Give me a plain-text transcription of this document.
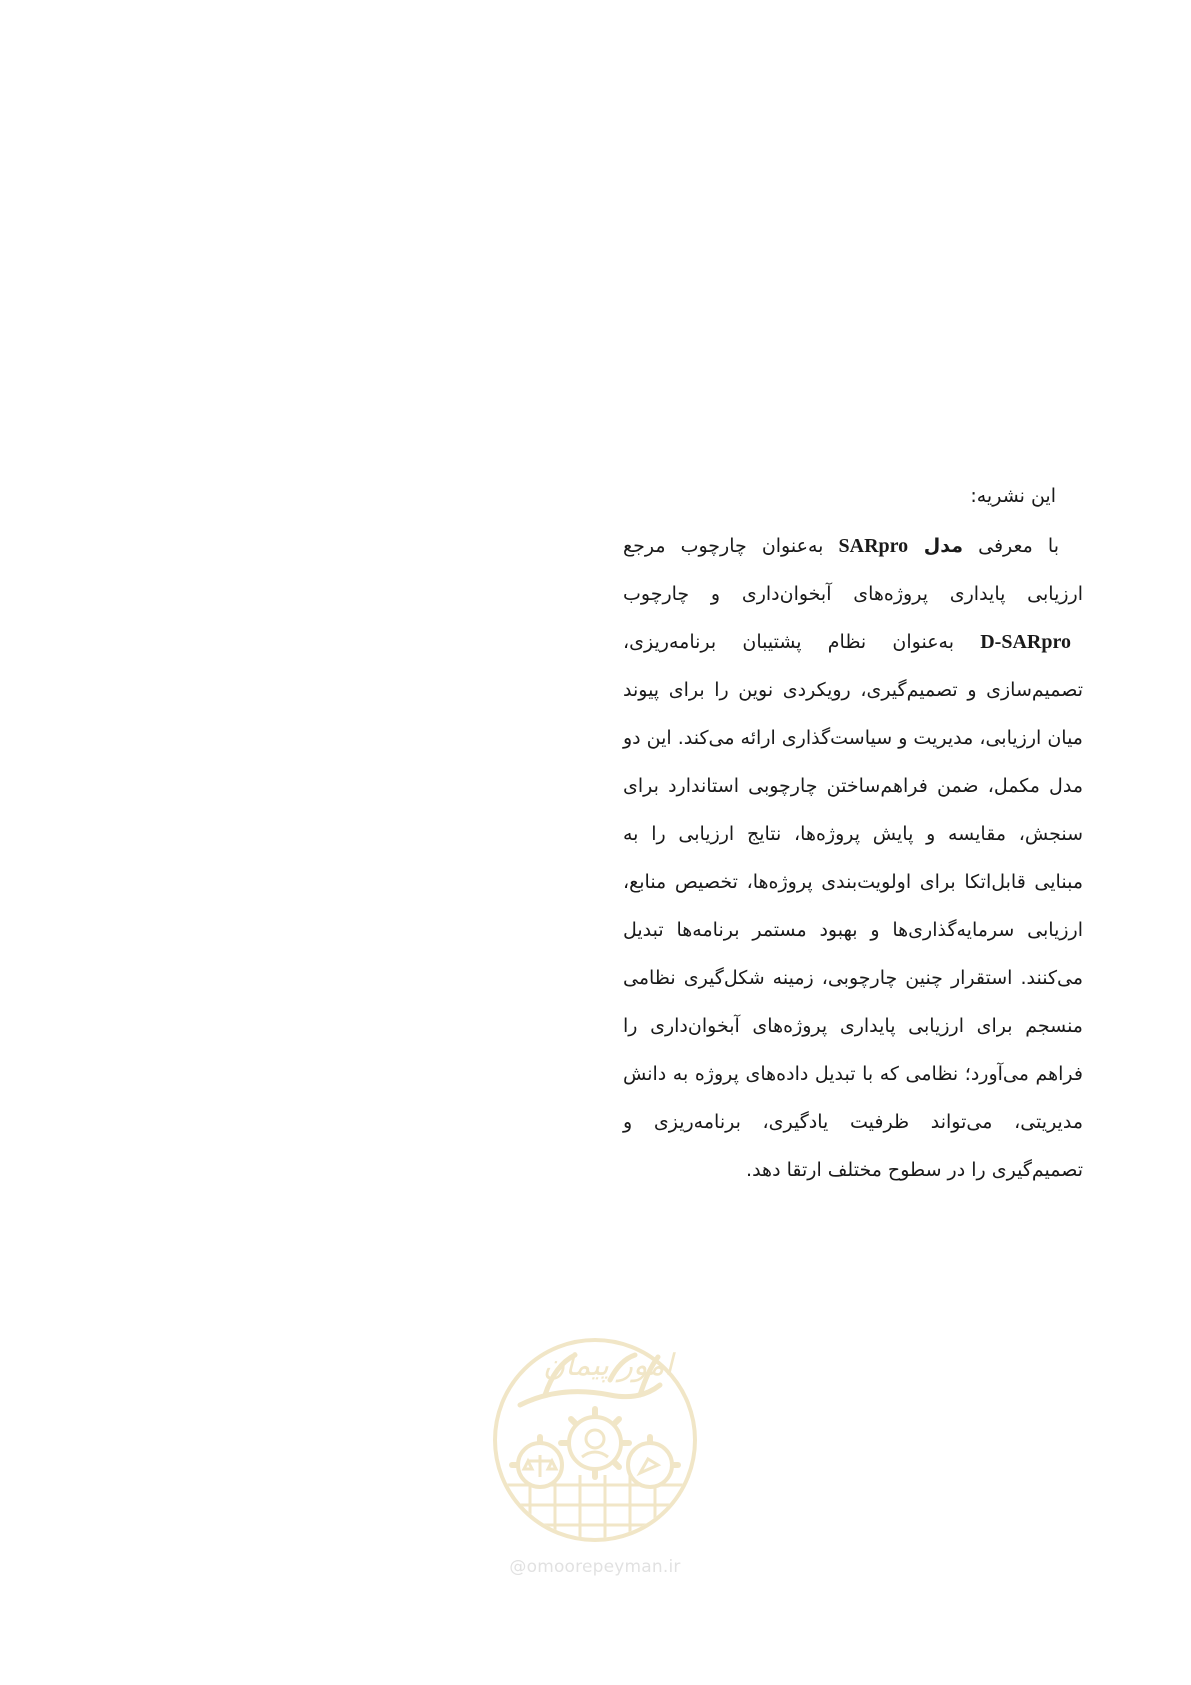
این نشریه:
با معرفی مدل SARpro به‌عنوان چارچوب مرجع
ارزیابی پایداری پروژه‌های آبخوان‌داری و چارچوب
D-SARpro به‌عنوان نظام پشتیبان برنامه‌ریزی،
تصمیم‌سازی و تصمیم‌گیری، رویکردی نوین را برای پیوند
میان ارزیابی، مدیریت و سیاست‌گذاری ارائه می‌کند. این دو
مدل مکمل، ضمن فراهم‌ساختن چارچوبی استاندارد برای
سنجش، مقایسه و پایش پروژه‌ها، نتایج ارزیابی را به
مبنایی قابل‌اتکا برای اولویت‌بندی پروژه‌ها، تخصیص منابع،
ارزیابی سرمایه‌گذاری‌ها و بهبود مستمر برنامه‌ها تبدیل
می‌کنند. استقرار چنین چارچوبی، زمینه شکل‌گیری نظامی
منسجم برای ارزیابی پایداری پروژه‌های آبخوان‌داری را
فراهم می‌آورد؛ نظامی که با تبدیل داده‌های پروژه به دانش
مدیریتی، می‌تواند ظرفیت یادگیری، برنامه‌ریزی و
تصمیم‌گیری را در سطوح مختلف ارتقا دهد.
امور پیمان
@omoorepeyman.ir
